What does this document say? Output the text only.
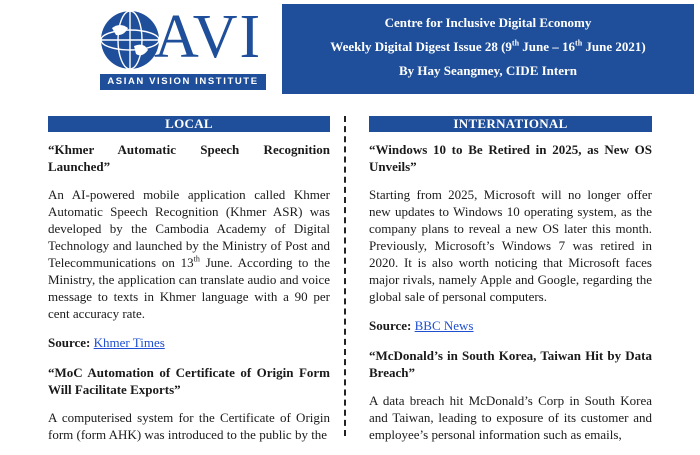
AVI
ASIAN VISION INSTITUTE
Centre for Inclusive Digital Economy
Weekly Digital Digest Issue 28 (9th June – 16th June 2021)
By Hay Seangmey, CIDE Intern
LOCAL

“Khmer Automatic Speech Recognition Launched”

An AI-powered mobile application called Khmer Automatic Speech Recognition (Khmer ASR) was developed by the Cambodia Academy of Digital Technology and launched by the Ministry of Post and Telecommunications on 13th June. According to the Ministry, the application can translate audio and voice message to texts in Khmer language with a 90 per cent accuracy rate.

Source: Khmer Times

“MoC Automation of Certificate of Origin Form Will Facilitate Exports”

A computerised system for the Certificate of Origin form (form AHK) was introduced to the public by the

INTERNATIONAL

“Windows 10 to Be Retired in 2025, as New OS Unveils”

Starting from 2025, Microsoft will no longer offer new updates to Windows 10 operating system, as the company plans to reveal a new OS later this month. Previously, Microsoft’s Windows 7 was retired in 2020. It is also worth noticing that Microsoft faces major rivals, namely Apple and Google, regarding the global sale of personal computers.

Source: BBC News

“McDonald’s in South Korea, Taiwan Hit by Data Breach”

A data breach hit McDonald’s Corp in South Korea and Taiwan, leading to exposure of its customer and employee’s personal information such as emails,
